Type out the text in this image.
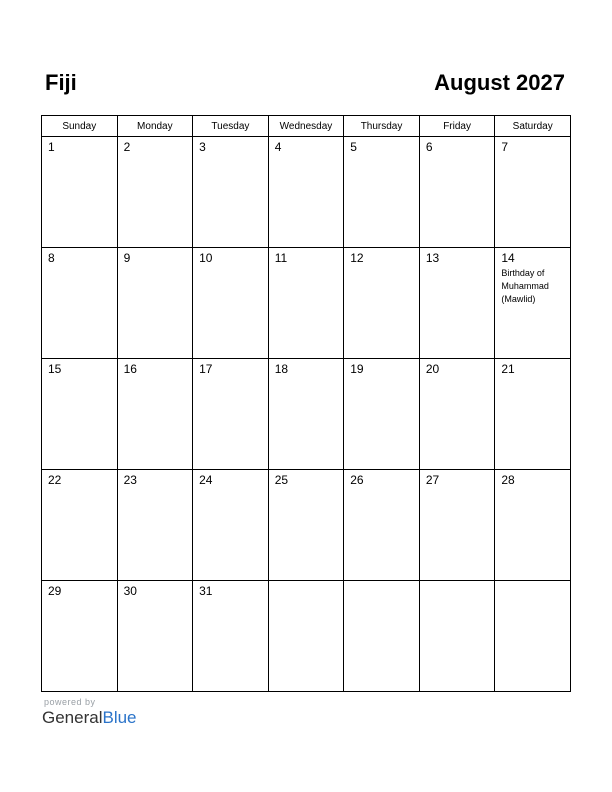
Fiji	August 2027
Sunday	Monday	Tuesday	Wednesday	Thursday	Friday	Saturday

1	2	3	4	5	6	7

8	9	10	11	12	13	14
Birthday of Muhammad (Mawlid)

15	16	17	18	19	20	21

22	23	24	25	26	27	28

29	30	31				

powered by
GeneralBlue
